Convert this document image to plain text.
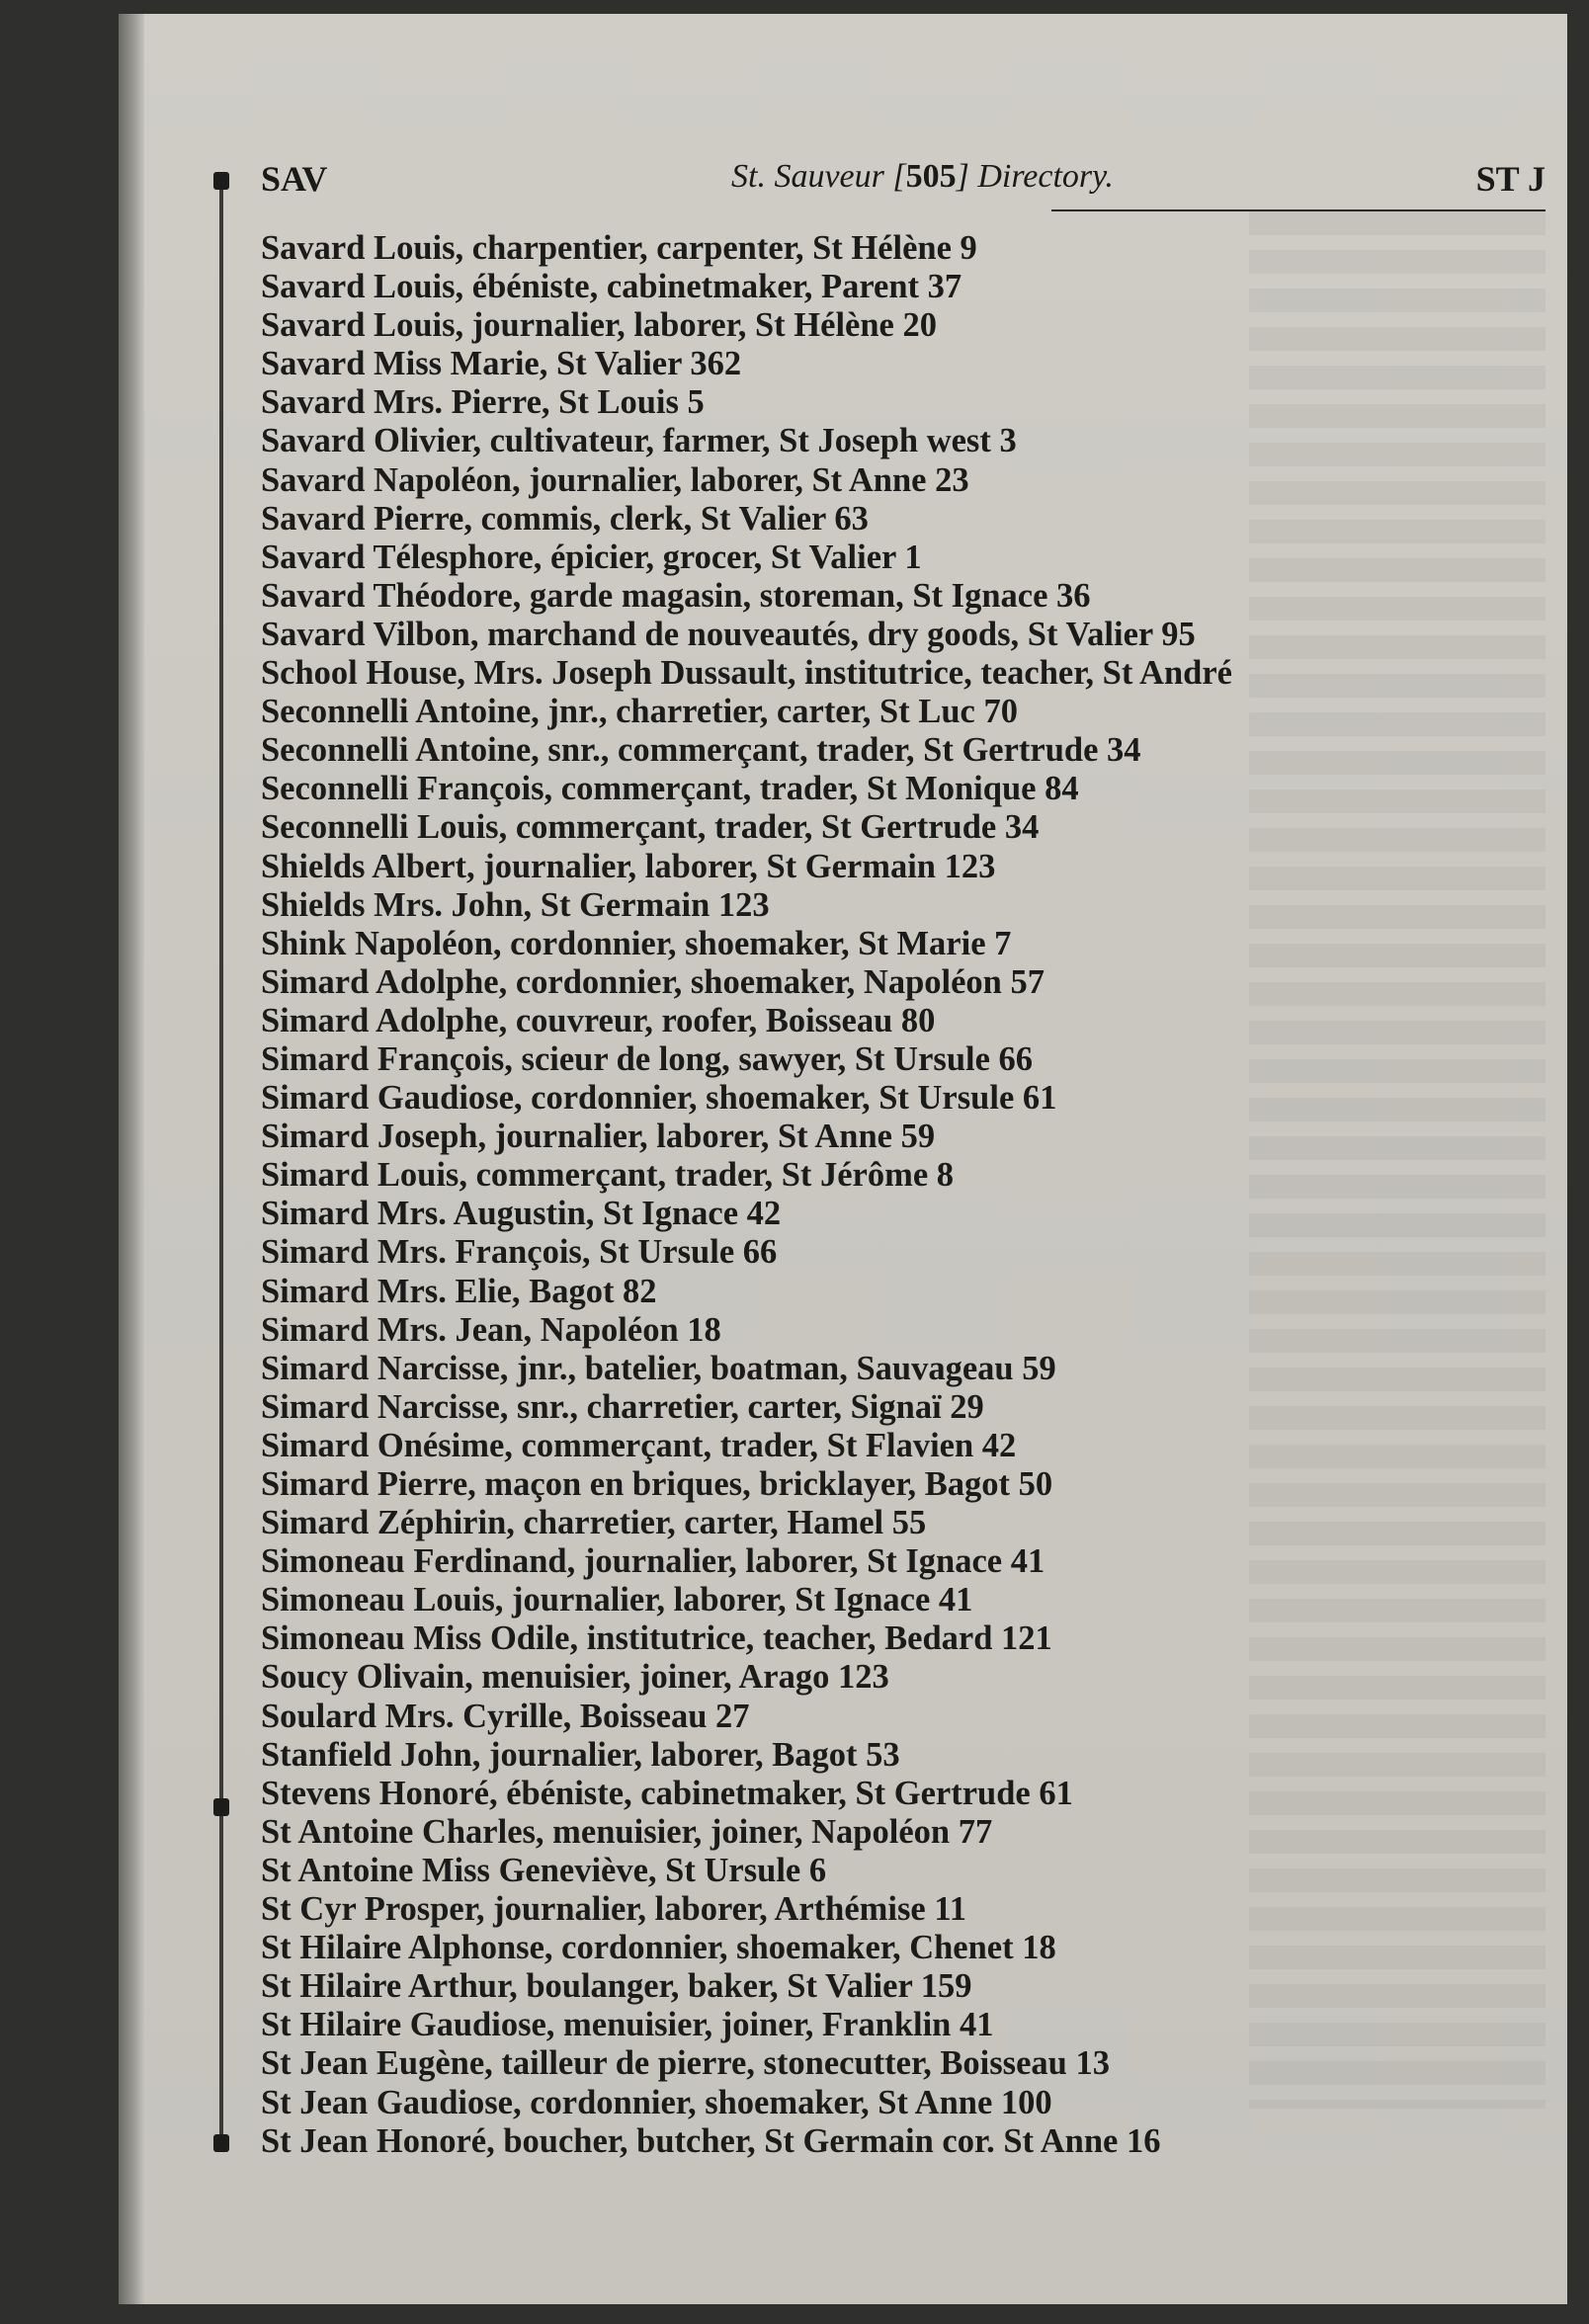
SAV	St. Sauveur [505] Directory.	ST J
Savard Louis, charpentier, carpenter, St Hélène 9
Savard Louis, ébéniste, cabinetmaker, Parent 37
Savard Louis, journalier, laborer, St Hélène 20
Savard Miss Marie, St Valier 362
Savard Mrs. Pierre, St Louis 5
Savard Olivier, cultivateur, farmer, St Joseph west 3
Savard Napoléon, journalier, laborer, St Anne 23
Savard Pierre, commis, clerk, St Valier 63
Savard Télesphore, épicier, grocer, St Valier 1
Savard Théodore, garde magasin, storeman, St Ignace 36
Savard Vilbon, marchand de nouveautés, dry goods, St Valier 95
School House, Mrs. Joseph Dussault, institutrice, teacher, St André
Seconnelli Antoine, jnr., charretier, carter, St Luc 70
Seconnelli Antoine, snr., commerçant, trader, St Gertrude 34
Seconnelli François, commerçant, trader, St Monique 84
Seconnelli Louis, commerçant, trader, St Gertrude 34
Shields Albert, journalier, laborer, St Germain 123
Shields Mrs. John, St Germain 123
Shink Napoléon, cordonnier, shoemaker, St Marie 7
Simard Adolphe, cordonnier, shoemaker, Napoléon 57
Simard Adolphe, couvreur, roofer, Boisseau 80
Simard François, scieur de long, sawyer, St Ursule 66
Simard Gaudiose, cordonnier, shoemaker, St Ursule 61
Simard Joseph, journalier, laborer, St Anne 59
Simard Louis, commerçant, trader, St Jérôme 8
Simard Mrs. Augustin, St Ignace 42
Simard Mrs. François, St Ursule 66
Simard Mrs. Elie, Bagot 82
Simard Mrs. Jean, Napoléon 18
Simard Narcisse, jnr., batelier, boatman, Sauvageau 59
Simard Narcisse, snr., charretier, carter, Signaï 29
Simard Onésime, commerçant, trader, St Flavien 42
Simard Pierre, maçon en briques, bricklayer, Bagot 50
Simard Zéphirin, charretier, carter, Hamel 55
Simoneau Ferdinand, journalier, laborer, St Ignace 41
Simoneau Louis, journalier, laborer, St Ignace 41
Simoneau Miss Odile, institutrice, teacher, Bedard 121
Soucy Olivain, menuisier, joiner, Arago 123
Soulard Mrs. Cyrille, Boisseau 27
Stanfield John, journalier, laborer, Bagot 53
Stevens Honoré, ébéniste, cabinetmaker, St Gertrude 61
St Antoine Charles, menuisier, joiner, Napoléon 77
St Antoine Miss Geneviève, St Ursule 6
St Cyr Prosper, journalier, laborer, Arthémise 11
St Hilaire Alphonse, cordonnier, shoemaker, Chenet 18
St Hilaire Arthur, boulanger, baker, St Valier 159
St Hilaire Gaudiose, menuisier, joiner, Franklin 41
St Jean Eugène, tailleur de pierre, stonecutter, Boisseau 13
St Jean Gaudiose, cordonnier, shoemaker, St Anne 100
St Jean Honoré, boucher, butcher, St Germain cor. St Anne 16
